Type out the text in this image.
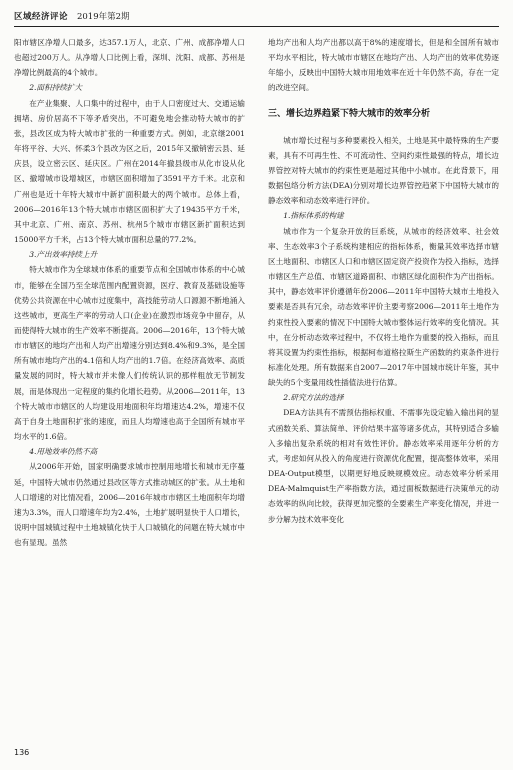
区域经济评论 2019年第2期

阳市辖区净增人口最多，达357.1万人，北京、广州、成都净增人口也超过200万人。从净增人口比例上看，深圳、沈阳、成都、苏州是净增比例最高的4个城市。

2.面积持续扩大

在产业集聚、人口集中的过程中，由于人口密度过大、交通运输拥堵、房价居高不下等矛盾突出，不可避免地会推动特大城市的扩张，县改区成为特大城市扩张的一种重要方式。例如，北京继2001年将平谷、大兴、怀柔3个县改为区之后，2015年又撤销密云县、延庆县，设立密云区、延庆区。广州在2014年撤县级市从化市设从化区、撤增城市设增城区，市辖区面积增加了3591平方千米。北京和广州也是近十年特大城市中新扩面积最大的两个城市。总体上看，2006—2016年13个特大城市市辖区面积扩大了19435平方千米，其中北京、广州、南京、苏州、杭州5个城市市辖区新扩面积达到15000平方千米，占13个特大城市面积总量的77.2%。

3.产出效率持续上升

特大城市作为全球城市体系的重要节点和全国城市体系的中心城市，能够在全国乃至全球范围内配置资源，医疗、教育及基础设施等优势公共资源在中心城市过度集中，高技能劳动人口源源不断地涌入这些城市，更高生产率的劳动人口(企业)在激烈市场竞争中留存，从而使得特大城市的生产效率不断提高。2006—2016年，13个特大城市市辖区的地均产出和人均产出增速分别达到8.4%和9.3%，是全国所有城市地均产出的4.1倍和人均产出的1.7倍。在经济高效率、高质量发展的同时，特大城市并未像人们传统认识的那样粗放无节制发展，而是体现出一定程度的集约化增长趋势。从2006—2011年，13个特大城市市辖区的人均建设用地面积年均增速达4.2%，增速不仅高于自身土地面积扩张的速度，而且人均增速也高于全国所有城市平均水平的1.6倍。

4.用地效率仍然不高

从2006年开始，国家明确要求城市控制用地增长和城市无序蔓延，中国特大城市仍然通过县改区等方式推动城区的扩张。从土地和人口增速的对比情况看，2006—2016年城市市辖区土地面积年均增速为3.3%，而人口增速年均为2.4%，土地扩展明显快于人口增长，说明中国城镇过程中土地城镇化快于人口城镇化的问题在特大城市中也有显现。虽然

地均产出和人均产出都以高于8%的速度增长，但是和全国所有城市平均水平相比，特大城市市辖区在地均产出、人均产出的效率优势逐年缩小，反映出中国特大城市用地效率在近十年仍然不高，存在一定的改进空间。

三、增长边界趋紧下特大城市的效率分析

城市增长过程与多种要素投入相关，土地是其中最特殊的生产要素，具有不可再生性、不可流动性、空间约束性最强的特点，增长边界管控对特大城市的约束性更是超过其他中小城市。在此背景下，用数据包络分析方法(DEA)分别对增长边界管控趋紧下中国特大城市的静态效率和动态效率进行评价。

1.指标体系的构建

城市作为一个复杂开放的巨系统，从城市的经济效率、社会效率、生态效率3个子系统构建相应的指标体系，衡量其效率选择市辖区土地面积、市辖区人口和市辖区固定资产投资作为投入指标，选择市辖区生产总值、市辖区道路面积、市辖区绿化面积作为产出指标。其中，静态效率评价遵循年份2006—2011年中国特大城市土地投入要素是否具有冗余，动态效率评价主要考察2006—2011年土地作为约束性投入要素的情况下中国特大城市整体运行效率的变化情况。其中，在分析动态效率过程中，不仅将土地作为重要的投入指标，而且将其设置为约束性指标，根据柯布道格拉斯生产函数的约束条件进行标准化处理。所有数据来自2007—2017年中国城市统计年鉴，其中缺失的5个变量用线性插值法进行估算。

2.研究方法的选择

DEA方法具有不需预估指标权重、不需事先设定输入输出间的显式函数关系、算法简单、评价结果丰富等诸多优点，其特别适合多输入多输出复杂系统的相对有效性评价。静态效率采用逐年分析的方式，考虑如何从投入的角度进行资源优化配置，提高整体效率，采用DEA-Output模型，以期更好地反映规模效应。动态效率分析采用DEA-Malmquist生产率指数方法，通过面板数据进行决策单元的动态效率的纵向比较，获得更加完整的全要素生产率变化情况，并进一步分解为技术效率变化

136
